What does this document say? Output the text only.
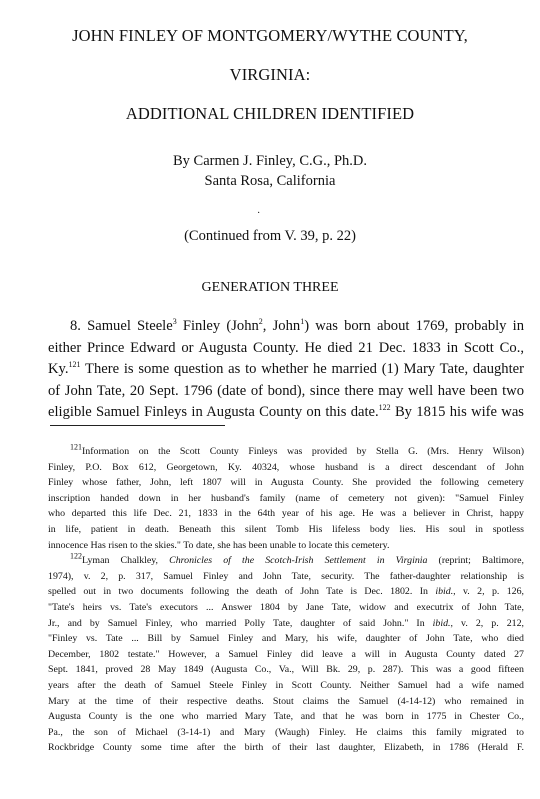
JOHN FINLEY OF MONTGOMERY/WYTHE COUNTY,
VIRGINIA:
ADDITIONAL CHILDREN IDENTIFIED
By Carmen J. Finley, C.G., Ph.D.
Santa Rosa, California
·
(Continued from V. 39, p. 22)
GENERATION THREE
8. Samuel Steele$^3$ Finley (John$^2$, John$^1$) was born about 1769, probably in
either Prince Edward or Augusta County. He died 21 Dec. 1833 in Scott Co.,
Ky.$^{121}$ There is some question as to whether he married (1) Mary Tate, daughter
of John Tate, 20 Sept. 1796 (date of bond), since there may well have been two
eligible Samuel Finleys in Augusta County on this date.$^{122}$ By 1815 his wife was
$^{121}$Information on the Scott County Finleys was provided by Stella G. (Mrs. Henry Wilson)
Finley, P.O. Box 612, Georgetown, Ky. 40324, whose husband is a direct descendant of John
Finley whose father, John, left 1807 will in Augusta County. She provided the following cemetery
inscription handed down in her husband's family (name of cemetery not given): "Samuel Finley
who departed this life Dec. 21, 1833 in the 64th year of his age. He was a believer in Christ, happy
in life, patient in death. Beneath this silent Tomb His lifeless body lies. His soul in spotless
innocence Has risen to the skies." To date, she has been unable to locate this cemetery.
$^{122}$Lyman Chalkley, Chronicles of the Scotch-Irish Settlement in Virginia (reprint; Baltimore,
1974), v. 2, p. 317, Samuel Finley and John Tate, security. The father-daughter relationship is
spelled out in two documents following the death of John Tate is Dec. 1802. In ibid., v. 2, p. 126,
"Tate's heirs vs. Tate's executors ... Answer 1804 by Jane Tate, widow and executrix of John Tate,
Jr., and by Samuel Finley, who married Polly Tate, daughter of said John." In ibid., v. 2, p. 212,
"Finley vs. Tate ... Bill by Samuel Finley and Mary, his wife, daughter of John Tate, who died
December, 1802 testate." However, a Samuel Finley did leave a will in Augusta County dated 27
Sept. 1841, proved 28 May 1849 (Augusta Co., Va., Will Bk. 29, p. 287). This was a good fifteen
years after the death of Samuel Steele Finley in Scott County. Neither Samuel had a wife named
Mary at the time of their respective deaths. Stout claims the Samuel (4-14-12) who remained in
Augusta County is the one who married Mary Tate, and that he was born in 1775 in Chester Co.,
Pa., the son of Michael (3-14-1) and Mary (Waugh) Finley. He claims this family migrated to
Rockbridge County some time after the birth of their last daughter, Elizabeth, in 1786 (Herald F.
